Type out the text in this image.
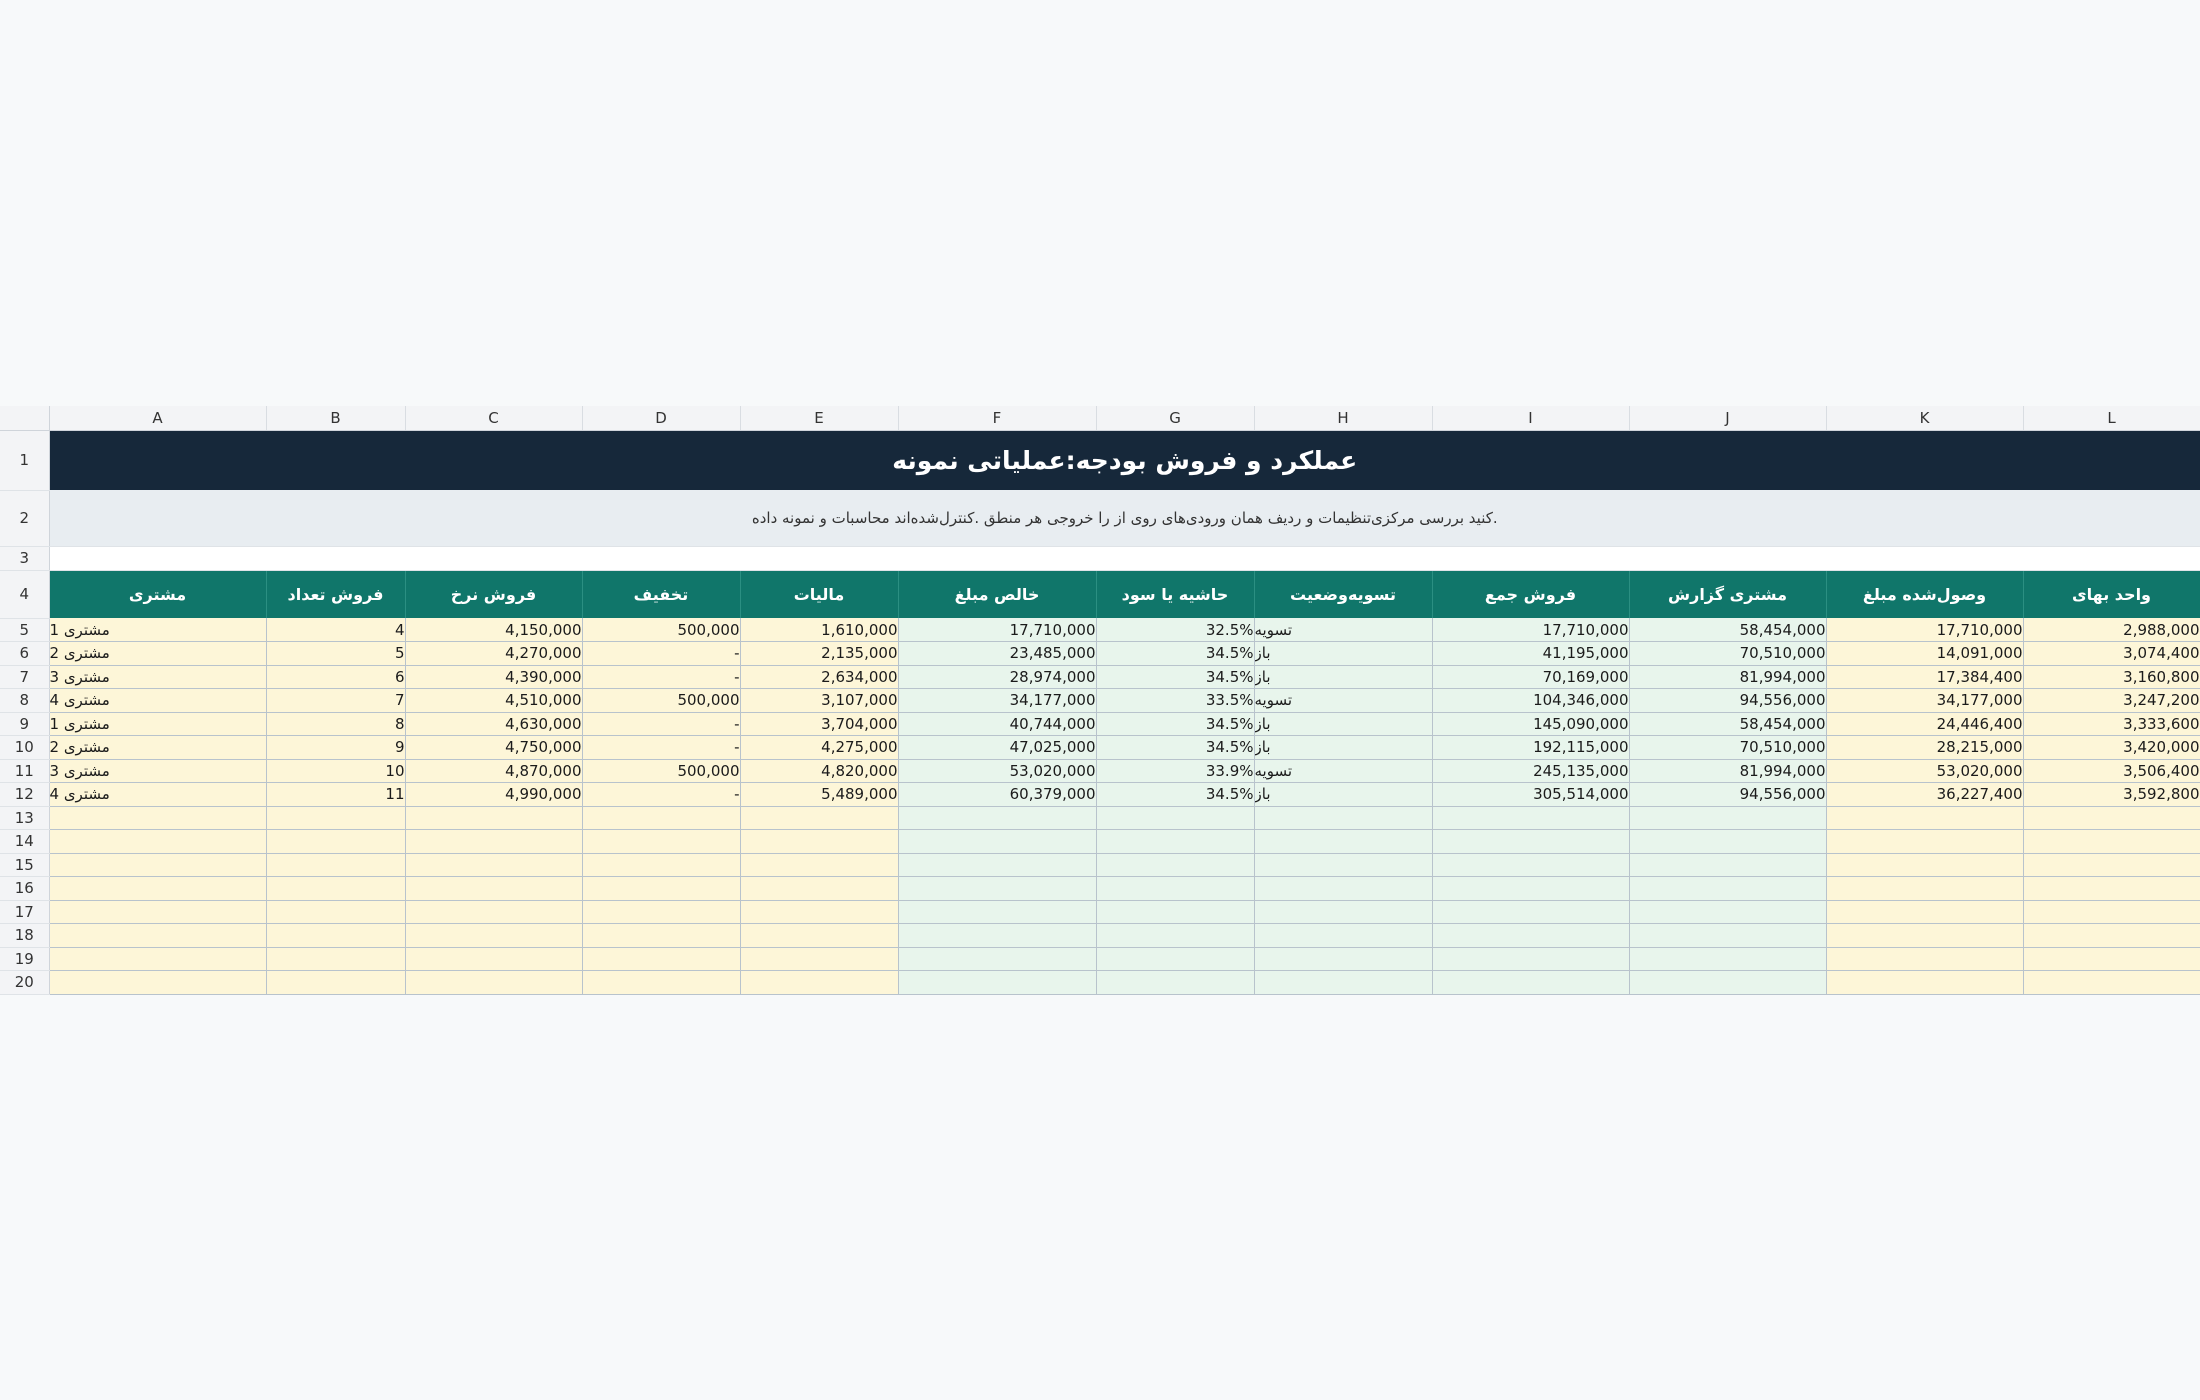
	A	B	C	D	E	F	G	H	I	J	K	L
1	عملکرد و فروش بودجه:عملیاتی نمونه											
2	.کنید بررسی مرکزی‌تنظیمات و ردیف همان ورودی‌های روی از را خروجی هر منطق .کنترل‌شده‌اند محاسبات و نمونه داده											
3												
4	مشتری	فروش تعداد	فروش نرخ	تخفیف	مالیات	خالص مبلغ	حاشیه یا سود	تسویه‌وضعیت	فروش جمع	مشتری گزارش	وصول‌شده مبلغ	واحد بهای
5	مشتری 1	4	4,150,000	500,000	1,610,000	17,710,000	32.5%	تسویه	17,710,000	58,454,000	17,710,000	2,988,000
6	مشتری 2	5	4,270,000	-	2,135,000	23,485,000	34.5%	باز	41,195,000	70,510,000	14,091,000	3,074,400
7	مشتری 3	6	4,390,000	-	2,634,000	28,974,000	34.5%	باز	70,169,000	81,994,000	17,384,400	3,160,800
8	مشتری 4	7	4,510,000	500,000	3,107,000	34,177,000	33.5%	تسویه	104,346,000	94,556,000	34,177,000	3,247,200
9	مشتری 1	8	4,630,000	-	3,704,000	40,744,000	34.5%	باز	145,090,000	58,454,000	24,446,400	3,333,600
10	مشتری 2	9	4,750,000	-	4,275,000	47,025,000	34.5%	باز	192,115,000	70,510,000	28,215,000	3,420,000
11	مشتری 3	10	4,870,000	500,000	4,820,000	53,020,000	33.9%	تسویه	245,135,000	81,994,000	53,020,000	3,506,400
12	مشتری 4	11	4,990,000	-	5,489,000	60,379,000	34.5%	باز	305,514,000	94,556,000	36,227,400	3,592,800
13												
14												
15												
16												
17												
18												
19												
20												
